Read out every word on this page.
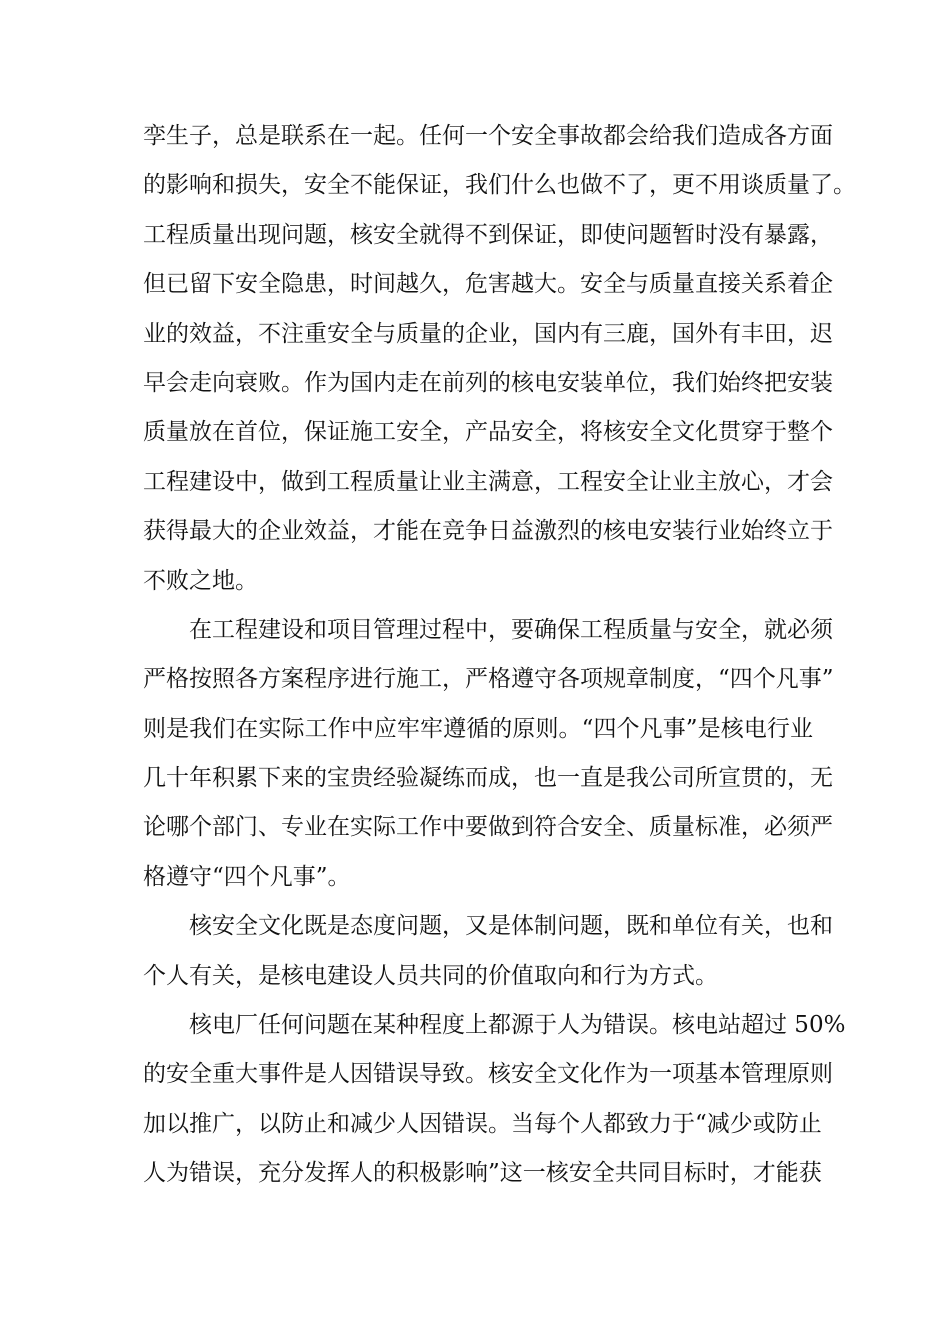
孪生子，总是联系在一起。任何一个安全事故都会给我们造成各方面
的影响和损失，安全不能保证，我们什么也做不了，更不用谈质量了。
工程质量出现问题，核安全就得不到保证，即使问题暂时没有暴露，
但已留下安全隐患，时间越久，危害越大。安全与质量直接关系着企
业的效益，不注重安全与质量的企业，国内有三鹿，国外有丰田，迟
早会走向衰败。作为国内走在前列的核电安装单位，我们始终把安装
质量放在首位，保证施工安全，产品安全，将核安全文化贯穿于整个
工程建设中，做到工程质量让业主满意，工程安全让业主放心，才会
获得最大的企业效益，才能在竞争日益激烈的核电安装行业始终立于
不败之地。
在工程建设和项目管理过程中，要确保工程质量与安全，就必须
严格按照各方案程序进行施工，严格遵守各项规章制度，“四个凡事”
则是我们在实际工作中应牢牢遵循的原则。“四个凡事”是核电行业
几十年积累下来的宝贵经验凝练而成，也一直是我公司所宣贯的，无
论哪个部门、专业在实际工作中要做到符合安全、质量标准，必须严
格遵守“四个凡事”。
核安全文化既是态度问题，又是体制问题，既和单位有关，也和
个人有关，是核电建设人员共同的价值取向和行为方式。
核电厂任何问题在某种程度上都源于人为错误。核电站超过 50%
的安全重大事件是人因错误导致。核安全文化作为一项基本管理原则
加以推广，以防止和减少人因错误。当每个人都致力于“减少或防止
人为错误，充分发挥人的积极影响”这一核安全共同目标时，才能获
